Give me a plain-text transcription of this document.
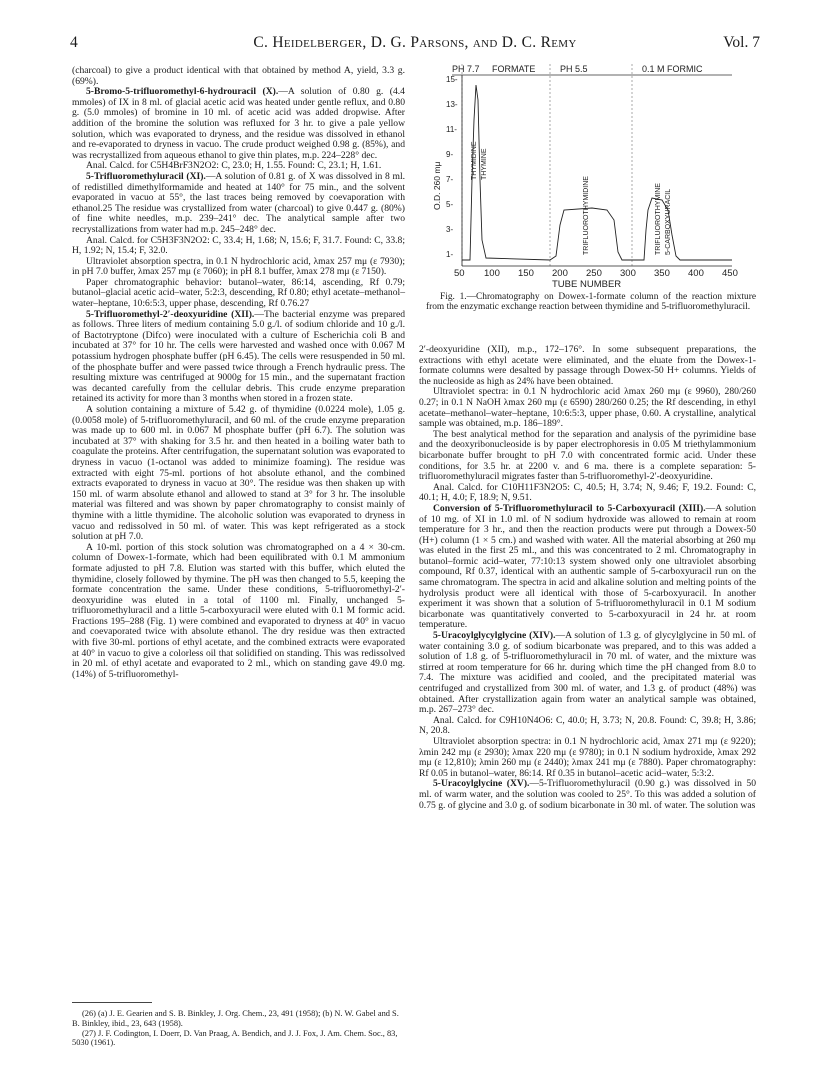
4	C. Heidelberger, D. G. Parsons, and D. C. Remy	Vol. 7

(charcoal) to give a product identical with that obtained by method A, yield, 3.3 g. (69%).

5-Bromo-5-trifluoromethyl-6-hydrouracil (X).—A solution of 0.80 g. (4.4 mmoles) of IX in 8 ml. of glacial acetic acid was heated under gentle reflux, and 0.80 g. (5.0 mmoles) of bromine in 10 ml. of acetic acid was added dropwise. After addition of the bromine the solution was refluxed for 3 hr. to give a pale yellow solution, which was evaporated to dryness, and the residue was dissolved in ethanol and re-evaporated to dryness in vacuo. The crude product weighed 0.98 g. (85%), and was recrystallized from aqueous ethanol to give thin plates, m.p. 224–228° dec.

Anal. Calcd. for C5H4BrF3N2O2: C, 23.0; H, 1.55. Found: C, 23.1; H, 1.61.

5-Trifluoromethyluracil (XI).—A solution of 0.81 g. of X was dissolved in 8 ml. of redistilled dimethylformamide and heated at 140° for 75 min., and the solvent evaporated in vacuo at 55°, the last traces being removed by coevaporation with ethanol.25 The residue was crystallized from water (charcoal) to give 0.447 g. (80%) of fine white needles, m.p. 239–241° dec. The analytical sample after two recrystallizations from water had m.p. 245–248° dec.

Anal. Calcd. for C5H3F3N2O2: C, 33.4; H, 1.68; N, 15.6; F, 31.7. Found: C, 33.8; H, 1.92; N, 15.4; F, 32.0.

Ultraviolet absorption spectra, in 0.1 N hydrochloric acid, λmax 257 mμ (ε 7930); in pH 7.0 buffer, λmax 257 mμ (ε 7060); in pH 8.1 buffer, λmax 278 mμ (ε 7150).

Paper chromatographic behavior: butanol–water, 86:14, ascending, Rf 0.79; butanol–glacial acetic acid–water, 5:2:3, descending, Rf 0.80; ethyl acetate–methanol–water–heptane, 10:6:5:3, upper phase, descending, Rf 0.76.27

5-Trifluoromethyl-2′-deoxyuridine (XII).—The bacterial enzyme was prepared as follows. Three liters of medium containing 5.0 g./l. of sodium chloride and 10 g./l. of Bactotryptone (Difco) were inoculated with a culture of Escherichia coli B and incubated at 37° for 10 hr. The cells were harvested and washed once with 0.067 M potassium hydrogen phosphate buffer (pH 6.45). The cells were resuspended in 50 ml. of the phosphate buffer and were passed twice through a French hydraulic press. The resulting mixture was centrifuged at 9000g for 15 min., and the supernatant fraction was decanted carefully from the cellular debris. This crude enzyme preparation retained its activity for more than 3 months when stored in a frozen state.

A solution containing a mixture of 5.42 g. of thymidine (0.0224 mole), 1.05 g. (0.0058 mole) of 5-trifluoromethyluracil, and 60 ml. of the crude enzyme preparation was made up to 600 ml. in 0.067 M phosphate buffer (pH 6.7). The solution was incubated at 37° with shaking for 3.5 hr. and then heated in a boiling water bath to coagulate the proteins. After centrifugation, the supernatant solution was evaporated to dryness in vacuo (1-octanol was added to minimize foaming). The residue was extracted with eight 75-ml. portions of hot absolute ethanol, and the combined extracts evaporated to dryness in vacuo at 30°. The residue was then shaken up with 150 ml. of warm absolute ethanol and allowed to stand at 3° for 3 hr. The insoluble material was filtered and was shown by paper chromatography to consist mainly of thymine with a little thymidine. The alcoholic solution was evaporated to dryness in vacuo and redissolved in 50 ml. of water. This was kept refrigerated as a stock solution at pH 7.0.

A 10-ml. portion of this stock solution was chromatographed on a 4 × 30-cm. column of Dowex-1-formate, which had been equilibrated with 0.1 M ammonium formate adjusted to pH 7.8. Elution was started with this buffer, which eluted the thymidine, closely followed by thymine. The pH was then changed to 5.5, keeping the formate concentration the same. Under these conditions, 5-trifluoromethyl-2′-deoxyuridine was eluted in a total of 1100 ml. Finally, unchanged 5-trifluoromethyluracil and a little 5-carboxyuracil were eluted with 0.1 M formic acid. Fractions 195–288 (Fig. 1) were combined and evaporated to dryness at 40° in vacuo and coevaporated twice with absolute ethanol. The dry residue was then extracted with five 30-ml. portions of ethyl acetate, and the combined extracts were evaporated at 40° in vacuo to give a colorless oil that solidified on standing. This was redissolved in 20 ml. of ethyl acetate and evaporated to 2 ml., which on standing gave 49.0 mg. (14%) of 5-trifluoromethyl-

(26) (a) J. E. Gearien and S. B. Binkley, J. Org. Chem., 23, 491 (1958); (b) N. W. Gabel and S. B. Binkley, ibid., 23, 643 (1958).

(27) J. F. Codington, I. Doerr, D. Van Praag, A. Bendich, and J. J. Fox, J. Am. Chem. Soc., 83, 5030 (1961).

PH 7.7 FORMATE	PH 5.5	0.1 M FORMIC
1-
3-
5-
7-
9-
11-
13-
15-
O.D. 260 mμ
50 100 150 200 250 300 350 400 450
TUBE NUMBER
THYMIDINE THYMINE
TRIFLUOROTHYMIDINE	TRIFLUOROTHYMINE 5-CARBOXYURACIL

Fig. 1.—Chromatography on Dowex-1-formate column of the reaction mixture from the enzymatic exchange reaction between thymidine and 5-trifluoromethyluracil.

2′-deoxyuridine (XII), m.p., 172–176°. In some subsequent preparations, the extractions with ethyl acetate were eliminated, and the eluate from the Dowex-1-formate columns were desalted by passage through Dowex-50 H+ columns. Yields of the nucleoside as high as 24% have been obtained.

Ultraviolet spectra: in 0.1 N hydrochloric acid λmax 260 mμ (ε 9960), 280/260 0.27; in 0.1 N NaOH λmax 260 mμ (ε 6590) 280/260 0.25; the Rf descending, in ethyl acetate–methanol–water–heptane, 10:6:5:3, upper phase, 0.60. A crystalline, analytical sample was obtained, m.p. 186–189°.

The best analytical method for the separation and analysis of the pyrimidine base and the deoxyribonucleoside is by paper electrophoresis in 0.05 M triethylammonium bicarbonate buffer brought to pH 7.0 with concentrated formic acid. Under these conditions, for 3.5 hr. at 2200 v. and 6 ma. there is a complete separation: 5-trifluoromethyluracil migrates faster than 5-trifluoromethyl-2′-deoxyuridine.

Anal. Calcd. for C10H11F3N2O5: C, 40.5; H, 3.74; N, 9.46; F, 19.2. Found: C, 40.1; H, 4.0; F, 18.9; N, 9.51.

Conversion of 5-Trifluoromethyluracil to 5-Carboxyuracil (XIII).—A solution of 10 mg. of XI in 1.0 ml. of N sodium hydroxide was allowed to remain at room temperature for 3 hr., and then the reaction products were put through a Dowex-50 (H+) column (1 × 5 cm.) and washed with water. All the material absorbing at 260 mμ was eluted in the first 25 ml., and this was concentrated to 2 ml. Chromatography in butanol–formic acid–water, 77:10:13 system showed only one ultraviolet absorbing compound, Rf 0.37, identical with an authentic sample of 5-carboxyuracil run on the same chromatogram. The spectra in acid and alkaline solution and melting points of the hydrolysis product were all identical with those of 5-carboxyuracil. In another experiment it was shown that a solution of 5-trifluoromethyluracil in 0.1 M sodium bicarbonate was quantitatively converted to 5-carboxyuracil in 24 hr. at room temperature.

5-Uracoylglycylglycine (XIV).—A solution of 1.3 g. of glycylglycine in 50 ml. of water containing 3.0 g. of sodium bicarbonate was prepared, and to this was added a solution of 1.8 g. of 5-trifluoromethyluracil in 70 ml. of water, and the mixture was stirred at room temperature for 66 hr. during which time the pH changed from 8.0 to 7.4. The mixture was acidified and cooled, and the precipitated material was centrifuged and crystallized from 300 ml. of water, and 1.3 g. of product (48%) was obtained. After crystallization again from water an analytical sample was obtained, m.p. 267–273° dec.

Anal. Calcd. for C9H10N4O6: C, 40.0; H, 3.73; N, 20.8. Found: C, 39.8; H, 3.86; N, 20.8.

Ultraviolet absorption spectra: in 0.1 N hydrochloric acid, λmax 271 mμ (ε 9220); λmin 242 mμ (ε 2930); λmax 220 mμ (ε 9780); in 0.1 N sodium hydroxide, λmax 292 mμ (ε 12,810); λmin 260 mμ (ε 2440); λmax 241 mμ (ε 7880). Paper chromatography: Rf 0.05 in butanol–water, 86:14. Rf 0.35 in butanol–acetic acid–water, 5:3:2.

5-Uracoylglycine (XV).—5-Trifluoromethyluracil (0.90 g.) was dissolved in 50 ml. of warm water, and the solution was cooled to 25°. To this was added a solution of 0.75 g. of glycine and 3.0 g. of sodium bicarbonate in 30 ml. of water. The solution was
